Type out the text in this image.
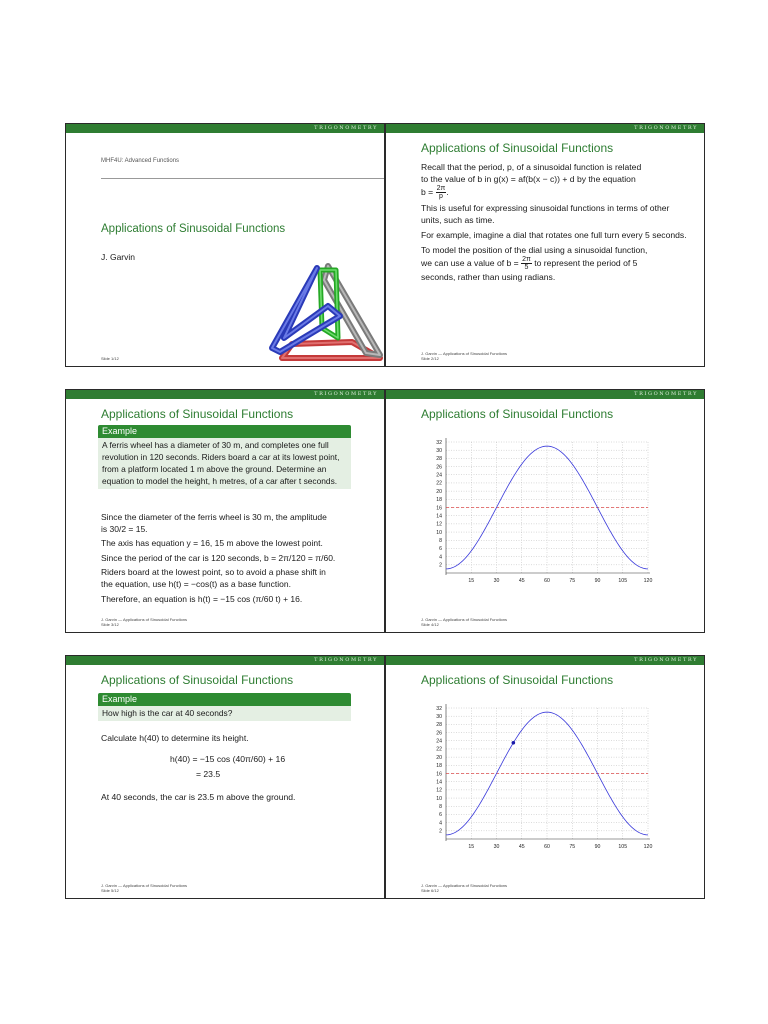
TRIGONOMETRY
MHF4U: Advanced Functions
Applications of Sinusoidal Functions
J. Garvin
Slide 1/12
TRIGONOMETRY
Applications of Sinusoidal Functions
Recall that the period, p, of a sinusoidal function is related
to the value of b in g(x) = af(b(x − c)) + d by the equation
$b = \frac{2\pi}{p}$ .

This is useful for expressing sinusoidal functions in terms of other units, such as time.

For example, imagine a dial that rotates one full turn every 5 seconds.

To model the position of the dial using a sinusoidal function,
we can use a value of $b = \frac{2\pi}{5}$ to represent the period of 5
seconds, rather than using radians.
J. Garvin — Applications of Sinusoidal Functions
Slide 2/12
TRIGONOMETRY
Applications of Sinusoidal Functions
Example

A ferris wheel has a diameter of 30 m, and completes one full revolution in 120 seconds. Riders board a car at its lowest point, from a platform located 1 m above the ground. Determine an equation to model the height, h metres, of a car after t seconds.

Since the diameter of the ferris wheel is 30 m, the amplitude
is 30/2 = 15.
The axis has equation y = 16, 15 m above the lowest point.
Since the period of the car is 120 seconds, b = 2π/120 = π/60.
Riders board at the lowest point, so to avoid a phase shift in
the equation, use h(t) = −cos(t) as a base function.
Therefore, an equation is h(t) = −15 cos (π/60 t) + 16.
J. Garvin — Applications of Sinusoidal Functions
Slide 3/12
TRIGONOMETRY
Applications of Sinusoidal Functions
2
4
6
8
10
12
14
16
18
20
22
24
26
28
30
32
15	30	45	60	75	90	105	120
J. Garvin — Applications of Sinusoidal Functions
Slide 4/12
TRIGONOMETRY
Applications of Sinusoidal Functions
Example

How high is the car at 40 seconds?

Calculate h(40) to determine its height.
h(40) = −15 cos (40π/60) + 16
= 23.5
At 40 seconds, the car is 23.5 m above the ground.
J. Garvin — Applications of Sinusoidal Functions
Slide 5/12
TRIGONOMETRY
Applications of Sinusoidal Functions
2
4
6
8
10
12
14
16
18
20
22
24
26
28
30
32
15	30	45	60	75	90	105	120
J. Garvin — Applications of Sinusoidal Functions
Slide 6/12
